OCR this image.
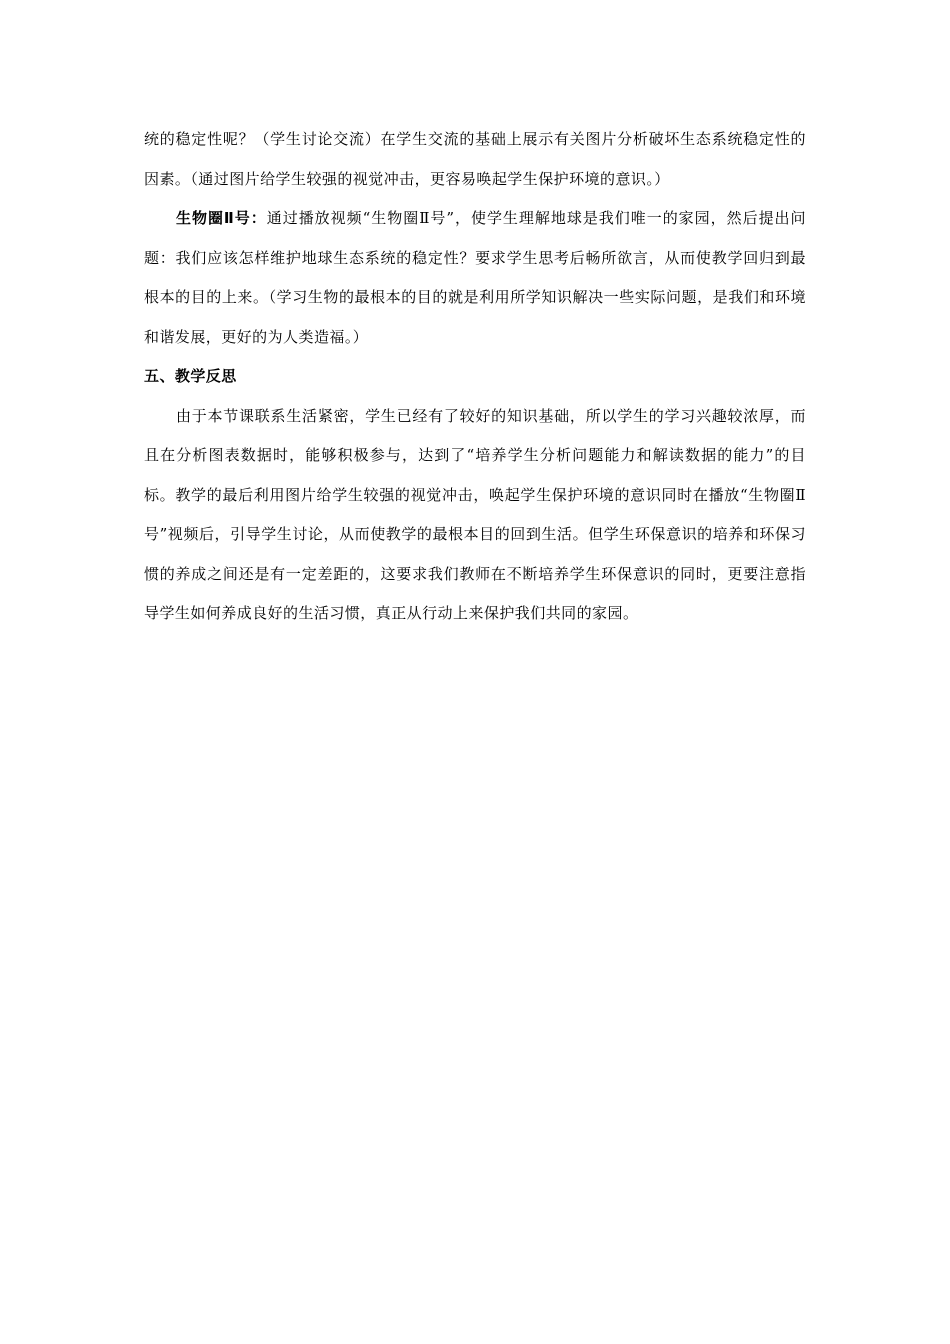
统的稳定性呢？（学生讨论交流）在学生交流的基础上展示有关图片分析破坏生态系统稳定性的因素。（通过图片给学生较强的视觉冲击，更容易唤起学生保护环境的意识。）

生物圈Ⅱ号：通过播放视频“生物圈Ⅱ号”，使学生理解地球是我们唯一的家园，然后提出问题：我们应该怎样维护地球生态系统的稳定性？要求学生思考后畅所欲言，从而使教学回归到最根本的目的上来。（学习生物的最根本的目的就是利用所学知识解决一些实际问题，是我们和环境和谐发展，更好的为人类造福。）

五、教学反思

由于本节课联系生活紧密，学生已经有了较好的知识基础，所以学生的学习兴趣较浓厚，而且在分析图表数据时，能够积极参与，达到了“培养学生分析问题能力和解读数据的能力”的目标。教学的最后利用图片给学生较强的视觉冲击，唤起学生保护环境的意识同时在播放“生物圈Ⅱ号”视频后，引导学生讨论，从而使教学的最根本目的回到生活。但学生环保意识的培养和环保习惯的养成之间还是有一定差距的，这要求我们教师在不断培养学生环保意识的同时，更要注意指导学生如何养成良好的生活习惯，真正从行动上来保护我们共同的家园。
